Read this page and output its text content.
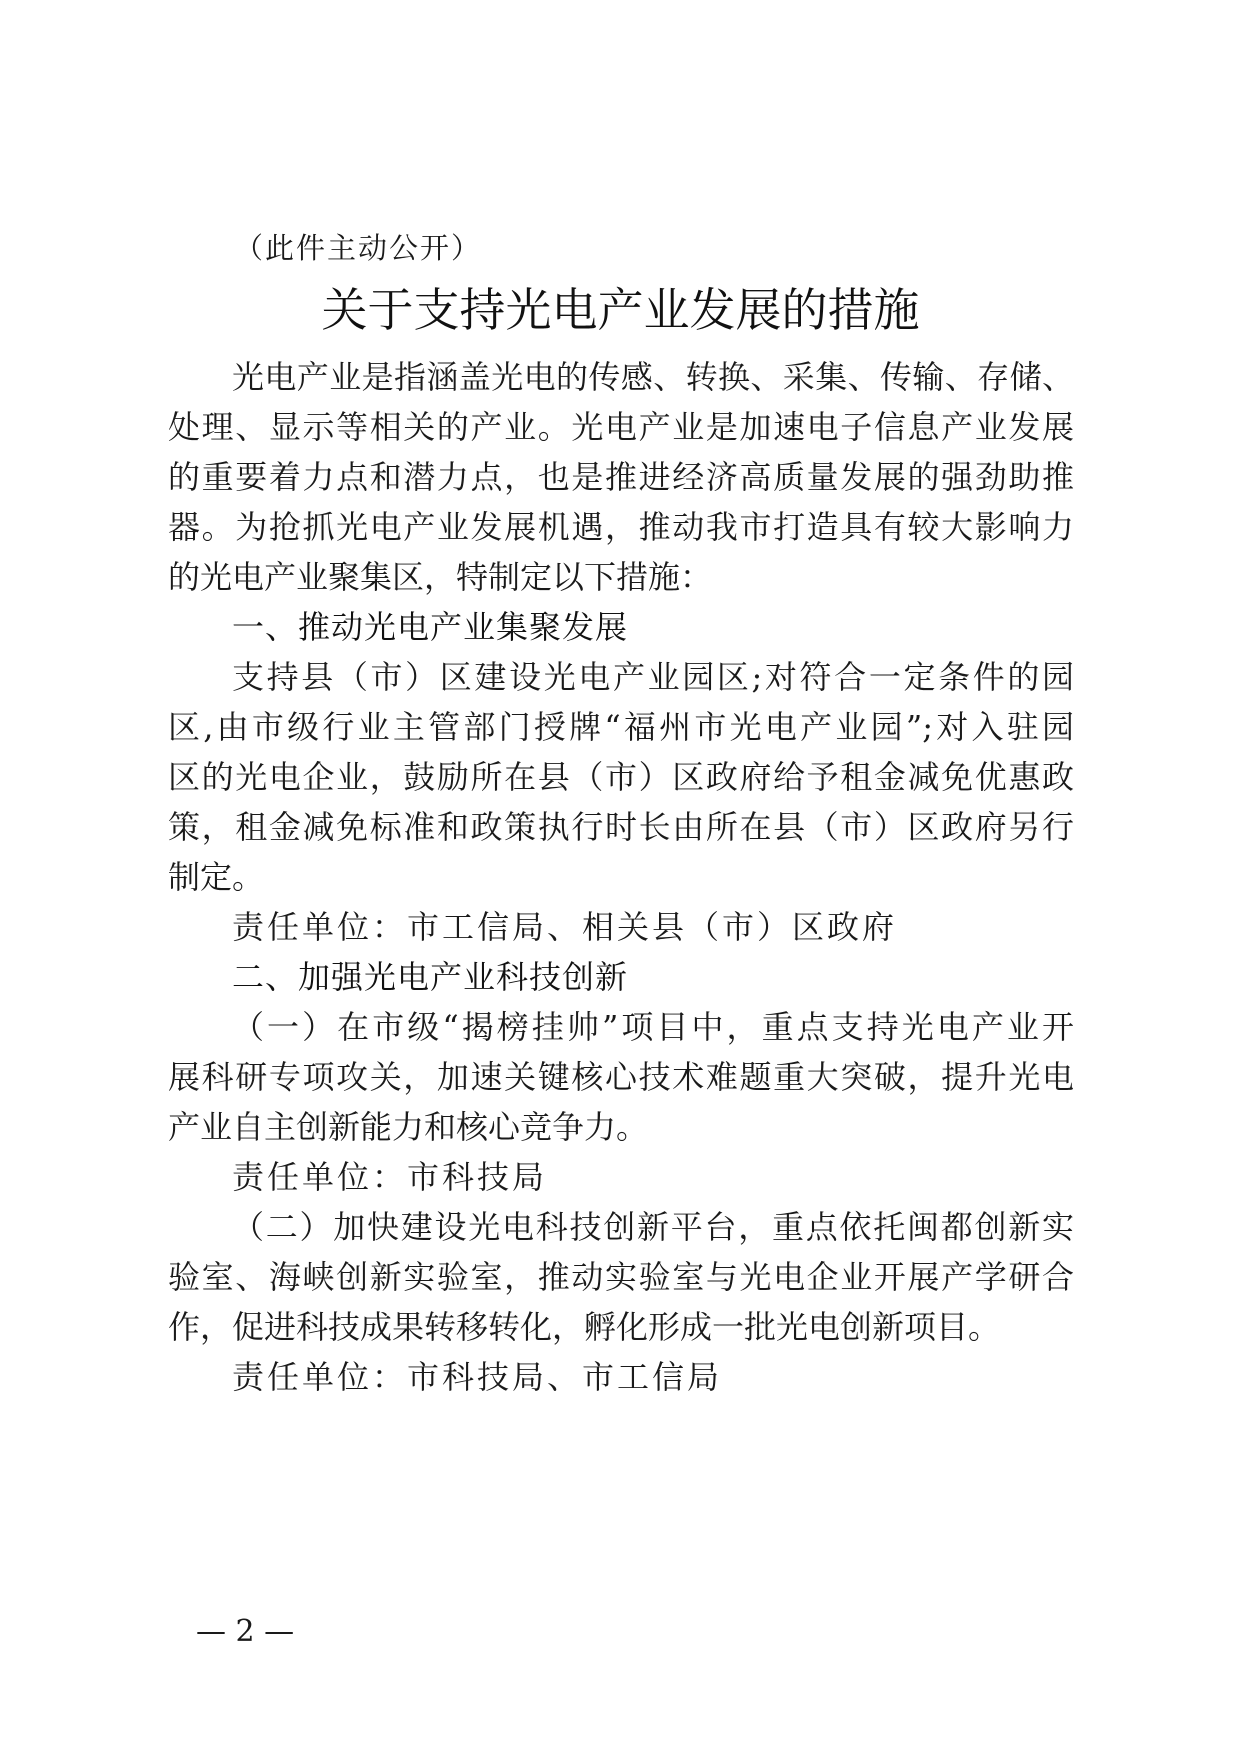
（此件主动公开）
关于支持光电产业发展的措施
光电产业是指涵盖光电的传感、转换、采集、传输、存储、
处理、显示等相关的产业。光电产业是加速电子信息产业发展
的重要着力点和潜力点，也是推进经济高质量发展的强劲助推
器。为抢抓光电产业发展机遇，推动我市打造具有较大影响力
的光电产业聚集区，特制定以下措施：
一、推动光电产业集聚发展
支持县（市）区建设光电产业园区;对符合一定条件的园
区,由市级行业主管部门授牌“福州市光电产业园”;对入驻园
区的光电企业，鼓励所在县（市）区政府给予租金减免优惠政
策，租金减免标准和政策执行时长由所在县（市）区政府另行
制定。
责任单位：市工信局、相关县（市）区政府
二、加强光电产业科技创新
（一）在市级“揭榜挂帅”项目中，重点支持光电产业开
展科研专项攻关，加速关键核心技术难题重大突破，提升光电
产业自主创新能力和核心竞争力。
责任单位：市科技局
（二）加快建设光电科技创新平台，重点依托闽都创新实
验室、海峡创新实验室，推动实验室与光电企业开展产学研合
作，促进科技成果转移转化，孵化形成一批光电创新项目。
责任单位：市科技局、市工信局
— 2 —
